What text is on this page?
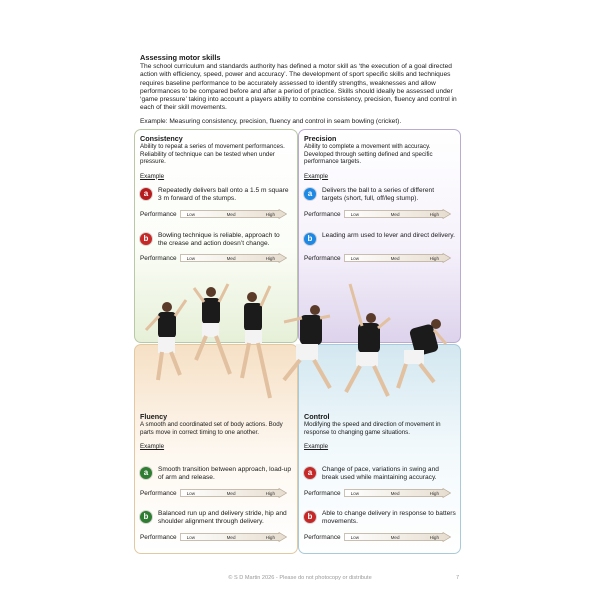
Assessing motor skills

The school curriculum and standards authority has defined a motor skill as ‘the execution of a goal directed action with efficiency, speed, power and accuracy’. The development of sport specific skills and techniques requires baseline performance to be accurately assessed to identify strengths, weaknesses and allow performances to be compared before and after a period of practice. Skills should ideally be assessed under ‘game pressure’ taking into account a players ability to combine consistency, precision, fluency and control in each of their skill movements.

Example: Measuring consistency, precision, fluency and control in seam bowling (cricket).

Consistency
Ability to repeat a series of movement performances. Reliability of technique can be tested when under pressure.
Example
a	Repeatedly delivers ball onto a 1.5 m square 3 m forward of the stumps.
Performance Low	Med	High
b	Bowling technique is reliable, approach to the crease and action doesn’t change.
Performance Low	Med	High
Precision
Ability to complete a movement with accuracy. Developed through setting defined and specific performance targets.
Example
a	Delivers the ball to a series of different targets (short, full, off/leg stump).
Performance Low	Med	High
b	Leading arm used to lever and direct delivery.
Performance Low	Med	High
Fluency
A smooth and coordinated set of body actions. Body parts move in correct timing to one another.
Example
a	Smooth transition between approach, load-up of arm and release.
Performance Low	Med	High
b	Balanced run up and delivery stride, hip and shoulder alignment through delivery.
Performance Low	Med	High
Control
Modifying the speed and direction of movement in response to changing game situations.
Example
a	Change of pace, variations in swing and break used while maintaining accuracy.
Performance Low	Med	High
b	Able to change delivery in response to batters movements.
Performance Low	Med	High
© S D Martin 2026 - Please do not photocopy or distribute	7
